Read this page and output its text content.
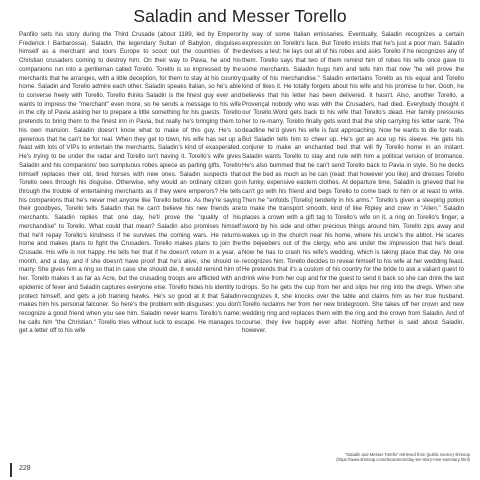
Saladin and Messer Torello

Panfilo sets his story during the Third Crusade (about 1189, led by Emperor Frederick I Barbarossa). Saladin, the legendary Sultan of Babylon, disguises himself as a merchant and tours Europe to scout out the countries of the Christian crusaders coming to destroy him. On their way to Pavia, he and his companions run into a gentleman called Torello. Torello is so impressed by the merchants that he arranges, with a little deception, for them to stay at his country home. Saladin and Torello admire each other. Saladin speaks Italian, so he's able to converse freely with Torello. Torello thinks Saladin is the finest guy ever and wants to impress the "merchant" even more, so he sends a message to his wife in the city of Pavia asking her to prepare a little something for his guests. Torello pretends to bring them to the finest inn in Pavia, but really he's bringing them to his own mansion. Saladin doesn't know what to make of this guy. He's so generous that he can't be for real. When they get to town, his wife has set up a feast with lots of VIPs to entertain the merchants. Saladin's kind of exasperated. He's trying to be under the radar and Torello isn't having it. Torello's wife gives Saladin and his companions' two sumptuous robes apiece as parting gifts. Torello himself replaces their old, tired horses with new ones. Saladin suspects that Torello sees through his disguise. Otherwise, why would an ordinary citizen go through the trouble of entertaining merchants as if they were emperors? He tells his companions that he's never met anyone like Torello before. As they're saying their goodbyes, Torello tells Saladin that he can't believe his new friends are merchants. Saladin replies that one day, he'll prove the "quality of his merchandise" to Torello. What could that mean? Saladin also promises himself that he'll repay Torello's kindness if he survives the coming wars. He returns home and makes plans to fight the Crusaders. Torello makes plans to join the Crusade. His wife is not happy. He tells her that if he doesn't return in a year, a month, and a day, and if she doesn't have proof that he's alive, she should re-marry. She gives him a ring so that in case she should die, it would remind him of her. Torello makes it as far as Acre, but the crusading troops are afflicted with an epidemic of fever and Saladin captures everyone else. Torello hides his identity to protect himself, and gets a job training hawks. He's so good at it that Saladin makes him his personal falconer. So here's the problem with disguises: you don't recognize a good friend when you see him. Saladin never learns Torello's name; he calls him "the Christian." Torello tries without luck to escape. He manages to get a letter off to his wife

by way of some Italian emissaries. Eventually, Saladin recognizes a certain expression on Torello's face. But Torello insists that he's just a poor man. Saladin devises a test: he lays out all of his robes and asks Torello if he recognizes any of them. Torello says that two of them remind him of robes his wife once gave to some merchants. Saladin hugs him and tells him that now "he will prove the quality of his merchandise." Saladin entertains Torello as his equal and Torello kind of likes it. He totally forgets about his wife and his promise to her. Oooh, he believes that his letter has been delivered. It hasn't. Also, another Torello, a Provençal nobody who was with the Crusaders, had died. Everybody thought it our Torello.Word gets back to his wife that Torello's dead. Her family pressures her to re-marry. Torello finally gets word that the ship carrying his letter sank. The deadline he'd given his wife is fast approaching. Now he wants to die for reals. But Saladin tells him to cheer up. He's got an ace up his sleeve. He gets his conjurer to make an enchanted bed that will fly Torello home in an instant. Saladin wants Torello to stay and rule with him a political version of bromance. He's also bummed that he can't send Torello back to Pavia in style. So he decks out the bed as much as he can (read: that however you like) and dresses Torello in funky, expensive eastern clothes. At departure time, Saladin is grieved that he can't go with his friend and begs Torello to come back to him or at least to write. Then he "enfolds [Torello] tenderly in his arms." Torello's given a sleeping potion to make the transport smooth, kind of like Ripley and crew in "Alien." Saladin places a crown with a gift tag to Torello's wife on it, a ring on Torello's finger, a sword by his side and other precious things around him. Torello zips away and wakes up in the church near his home, where his uncle's the abbot. He scares the bejeebers out of the clergy, who are under the impression that he's dead. Now he has to crash his wife's wedding, which is taking place that day. No one recognizes him. Torello decides to reveal himself to his wife at her wedding feast. He pretends that it's a custom of his country for the bride to ask a valiant guest to drink wine from her cup and for the guest to send it back so she can drink the last drops. So he gets the cup from her and slips her ring into the dregs. When she recognizes it, she knocks over the table and claims him as her true husband. Torello reclaims her from her new bridegroom. She takes off her crown and new wedding ring and replaces them with the ring and the crown from Saladin. And of course, they live happily ever after. Nothing further is said about Saladin, however.

"Saladin and Messer Torello" retrieved from (public source) shmoop
(https://www.shmoop.com/decameron/day-ten-story-nine-summary.html)
228
